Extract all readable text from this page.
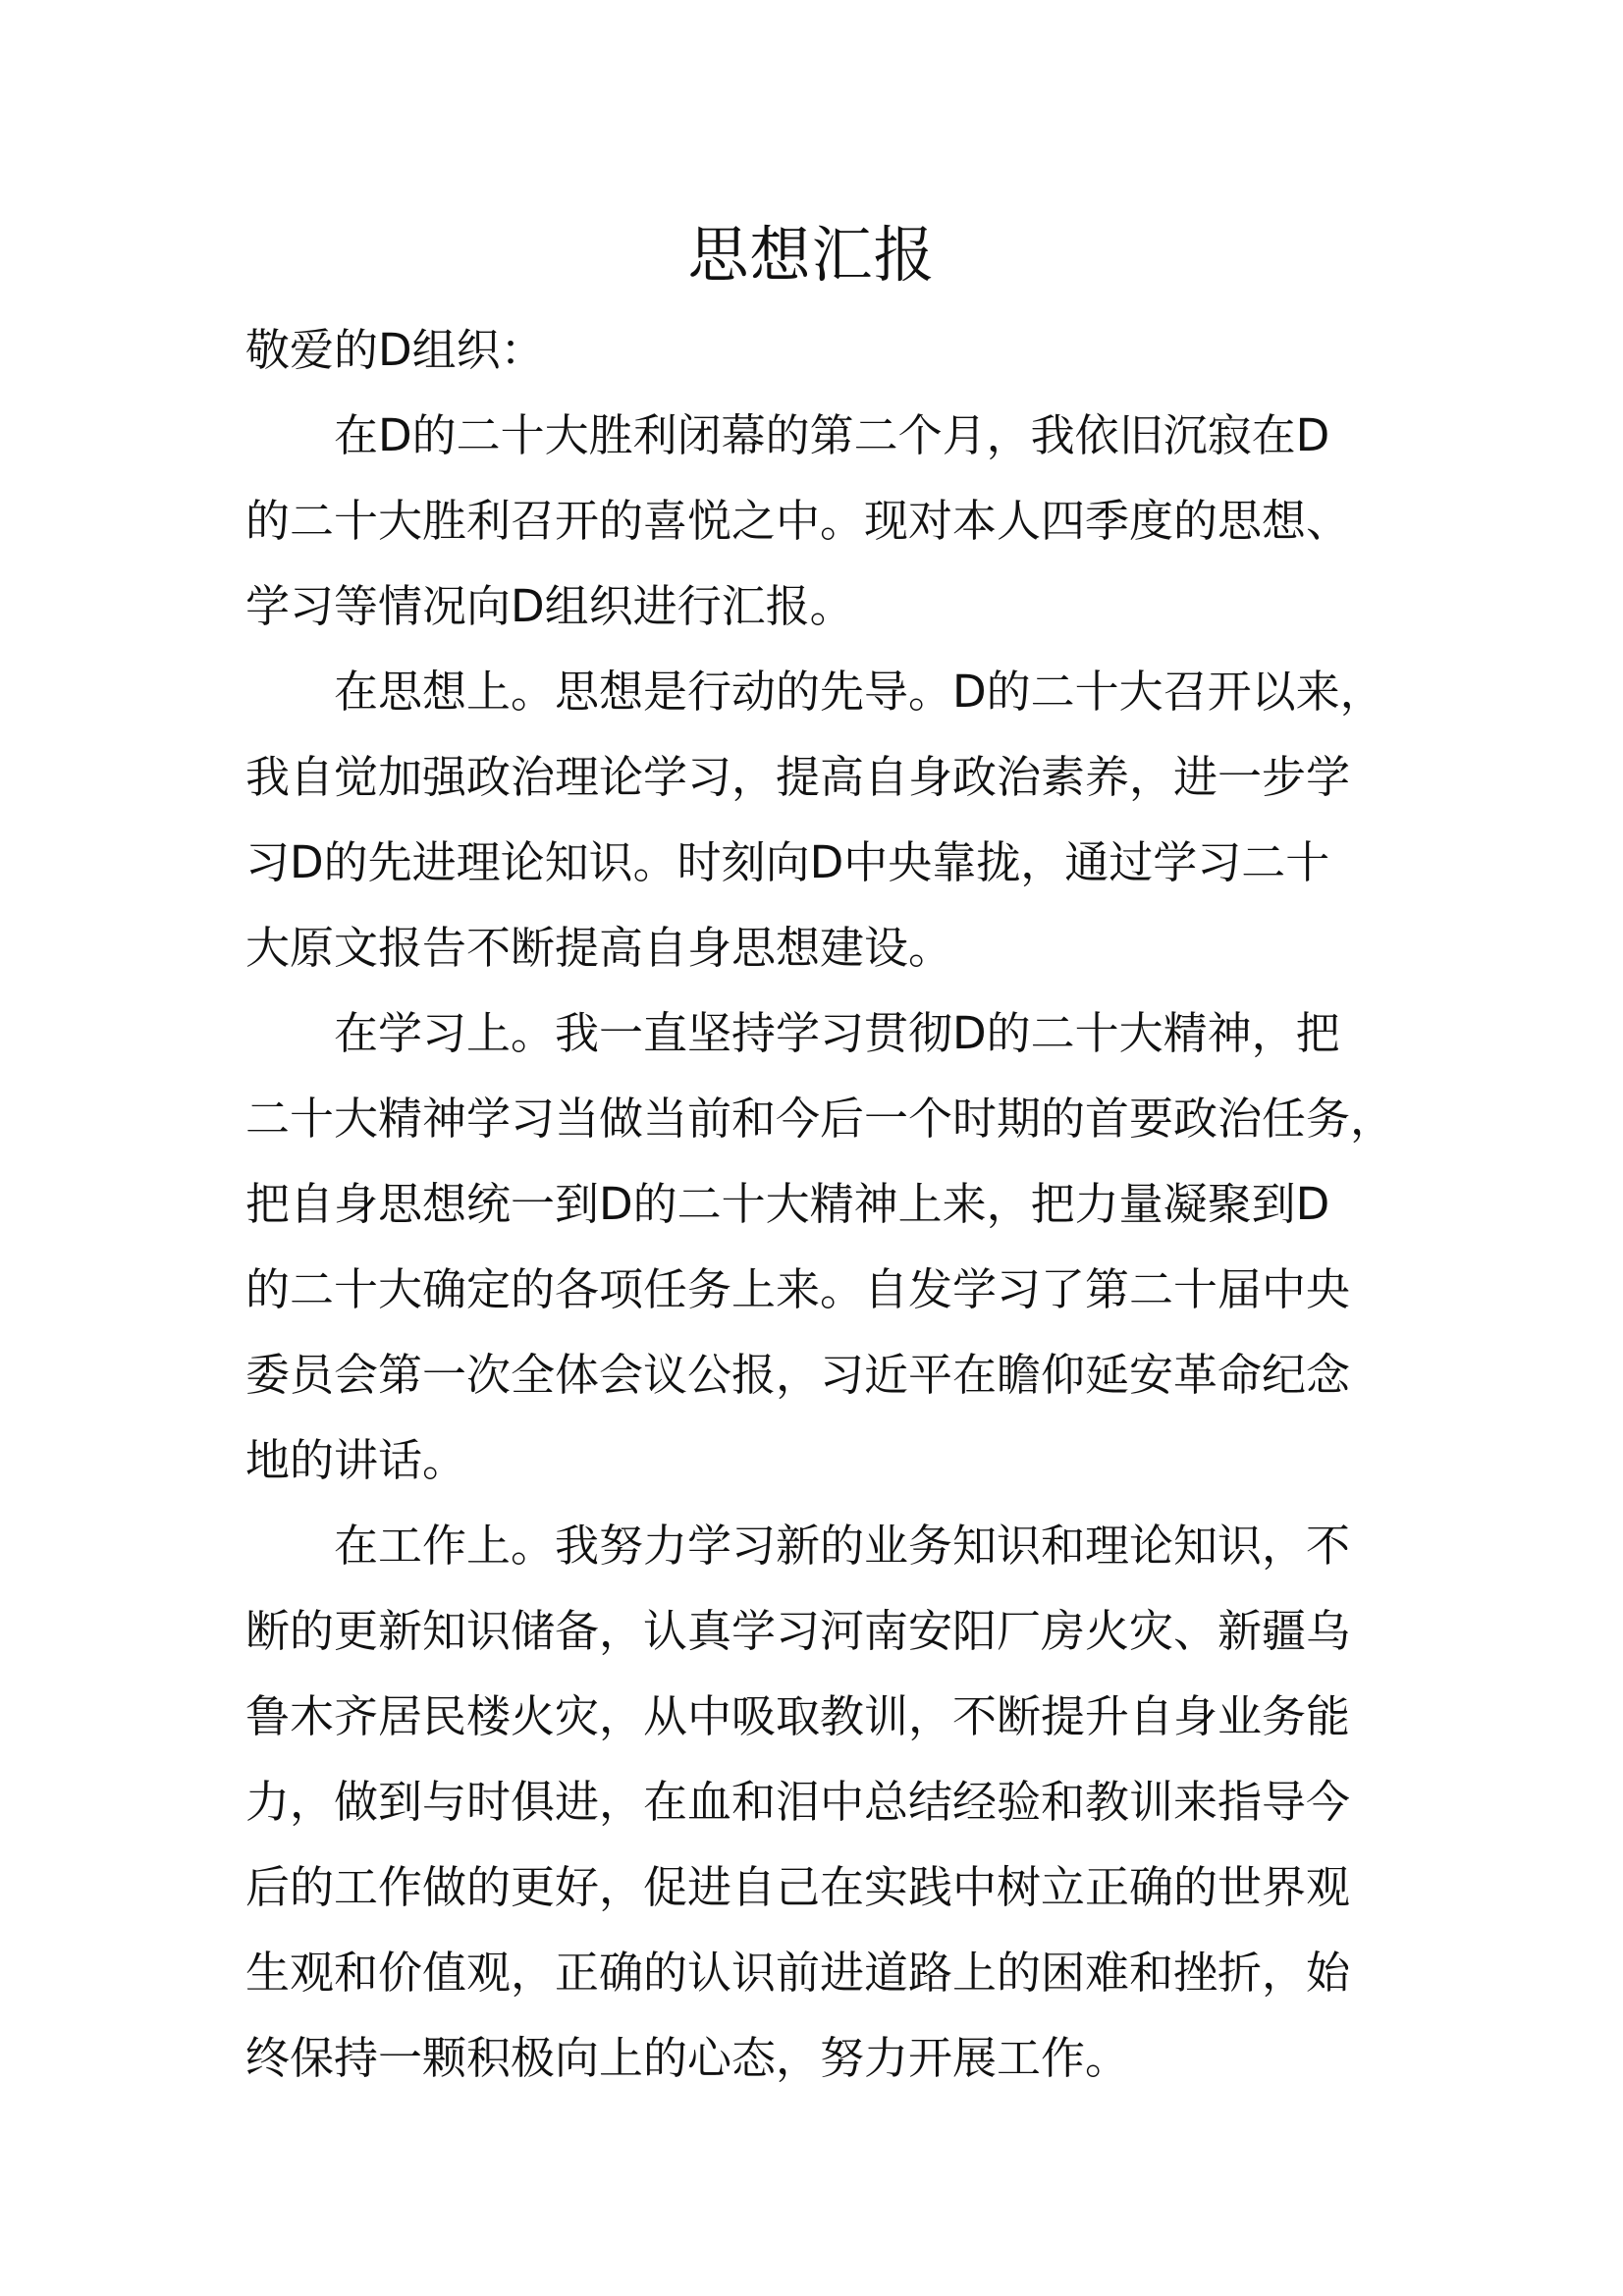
思想汇报
敬爱的D组织：
在D的二十大胜利闭幕的第二个月，我依旧沉寂在D
的二十大胜利召开的喜悦之中。现对本人四季度的思想、
学习等情况向D组织进行汇报。
在思想上。思想是行动的先导。D的二十大召开以来，
我自觉加强政治理论学习，提高自身政治素养，进一步学
习D的先进理论知识。时刻向D中央靠拢，通过学习二十
大原文报告不断提高自身思想建设。
在学习上。我一直坚持学习贯彻D的二十大精神，把
二十大精神学习当做当前和今后一个时期的首要政治任务，
把自身思想统一到D的二十大精神上来，把力量凝聚到D
的二十大确定的各项任务上来。自发学习了第二十届中央
委员会第一次全体会议公报，习近平在瞻仰延安革命纪念
地的讲话。
在工作上。我努力学习新的业务知识和理论知识，不
断的更新知识储备，认真学习河南安阳厂房火灾、新疆乌
鲁木齐居民楼火灾，从中吸取教训，不断提升自身业务能
力，做到与时俱进，在血和泪中总结经验和教训来指导今
后的工作做的更好，促进自己在实践中树立正确的世界观
生观和价值观，正确的认识前进道路上的困难和挫折，始
终保持一颗积极向上的心态，努力开展工作。
